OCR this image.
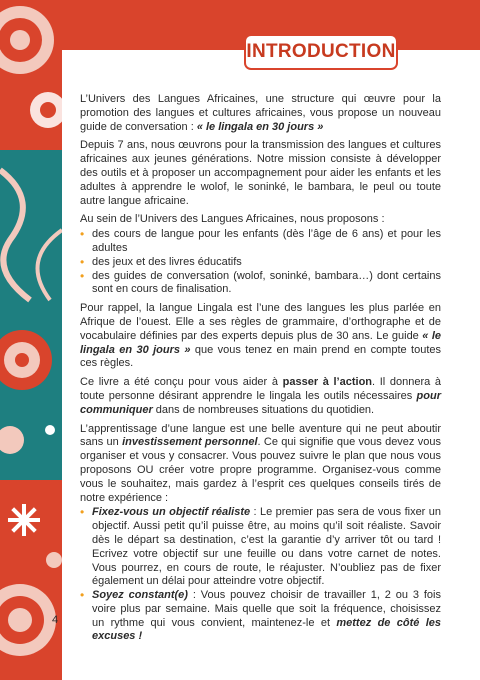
INTRODUCTION

L’Univers des Langues Africaines, une structure qui œuvre pour la promotion des langues et cultures africaines, vous propose un nouveau guide de conversation : « le lingala en 30 jours »

Depuis 7 ans, nous œuvrons pour la transmission des langues et cultures africaines aux jeunes générations. Notre mission consiste à développer des outils et à proposer un accompagnement pour aider les enfants et les adultes à apprendre le wolof, le soninké, le bambara, le peul ou toute autre langue africaine.

Au sein de l’Univers des Langues Africaines, nous proposons :

• des cours de langue pour les enfants (dès l’âge de 6 ans) et pour les adultes
• des jeux et des livres éducatifs
• des guides de conversation (wolof, soninké, bambara…) dont certains sont en cours de finalisation.

Pour rappel, la langue Lingala est l’une des langues les plus parlée en Afrique de l’ouest. Elle a ses règles de grammaire, d’orthographe et de vocabulaire définies par des experts depuis plus de 30 ans. Le guide « le lingala en 30 jours » que vous tenez en main prend en compte toutes ces règles.

Ce livre a été conçu pour vous aider à passer à l’action. Il donnera à toute personne désirant apprendre le lingala les outils nécessaires pour communiquer dans de nombreuses situations du quotidien.

L’apprentissage d’une langue est une belle aventure qui ne peut aboutir sans un investissement personnel. Ce qui signifie que vous devez vous organiser et vous y consacrer. Vous pouvez suivre le plan que nous vous proposons OU créer votre propre programme. Organisez-vous comme vous le souhaitez, mais gardez à l’esprit ces quelques conseils tirés de notre expérience :

• Fixez-vous un objectif réaliste : Le premier pas sera de vous fixer un objectif. Aussi petit qu’il puisse être, au moins qu’il soit réaliste. Savoir dès le départ sa destination, c’est la garantie d’y arriver tôt ou tard ! Ecrivez votre objectif sur une feuille ou dans votre carnet de notes. Vous pourrez, en cours de route, le réajuster. N’oubliez pas de fixer également un délai pour atteindre votre objectif.
• Soyez constant(e) : Vous pouvez choisir de travailler 1, 2 ou 3 fois voire plus par semaine. Mais quelle que soit la fréquence, choisissez un rythme qui vous convient, maintenez-le et mettez de côté les excuses !
4
